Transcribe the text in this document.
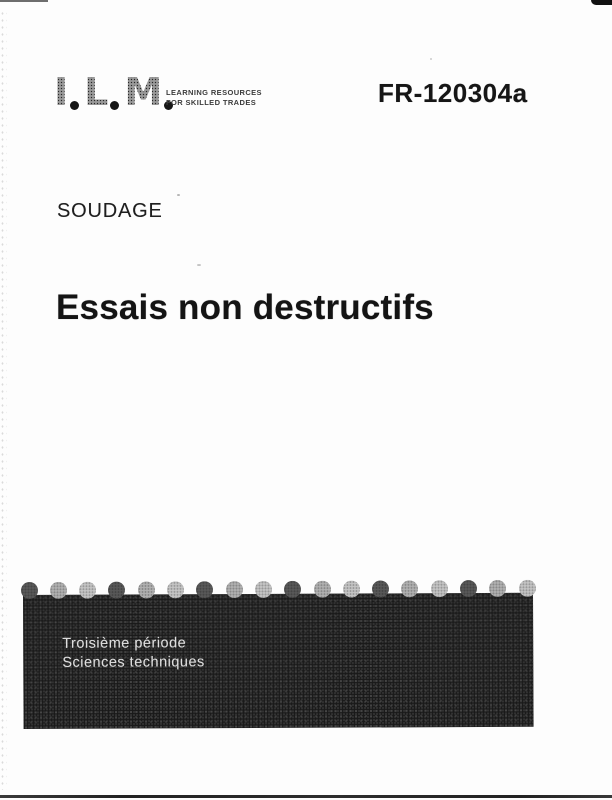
I L M LEARNING RESOURCES
FOR SKILLED TRADES	FR-120304a
SOUDAGE
Essais non destructifs
Troisième période
Sciences techniques
